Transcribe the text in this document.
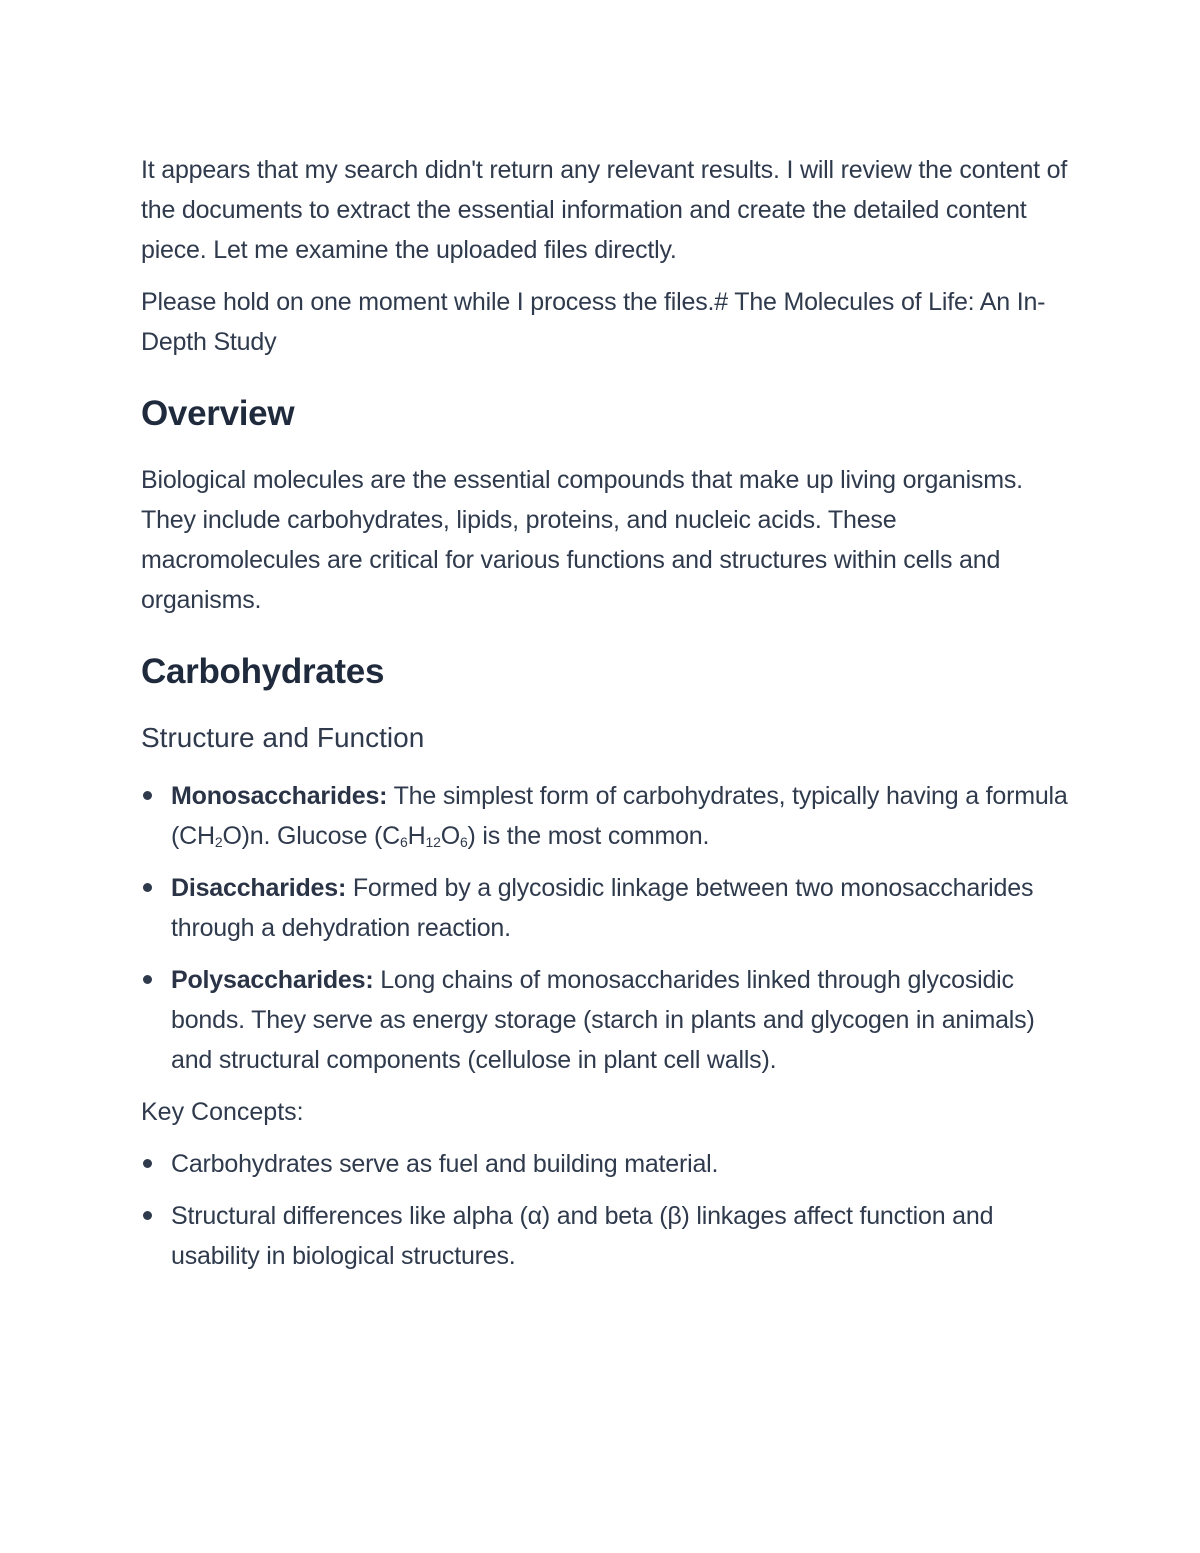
It appears that my search didn't return any relevant results. I will review the content of the documents to extract the essential information and create the detailed content piece. Let me examine the uploaded files directly.

Please hold on one moment while I process the files.# The Molecules of Life: An In-Depth Study

Overview

Biological molecules are the essential compounds that make up living organisms. They include carbohydrates, lipids, proteins, and nucleic acids. These macromolecules are critical for various functions and structures within cells and organisms.

Carbohydrates
Structure and Function
Monosaccharides: The simplest form of carbohydrates, typically having a formula $(CH_2O)n$. Glucose $(C_6H_{12}O_6)$ is the most common.
Disaccharides: Formed by a glycosidic linkage between two monosaccharides through a dehydration reaction.
Polysaccharides: Long chains of monosaccharides linked through glycosidic bonds. They serve as energy storage (starch in plants and glycogen in animals) and structural components (cellulose in plant cell walls).

Key Concepts:

Carbohydrates serve as fuel and building material.
Structural differences like alpha (α) and beta (β) linkages affect function and usability in biological structures.
